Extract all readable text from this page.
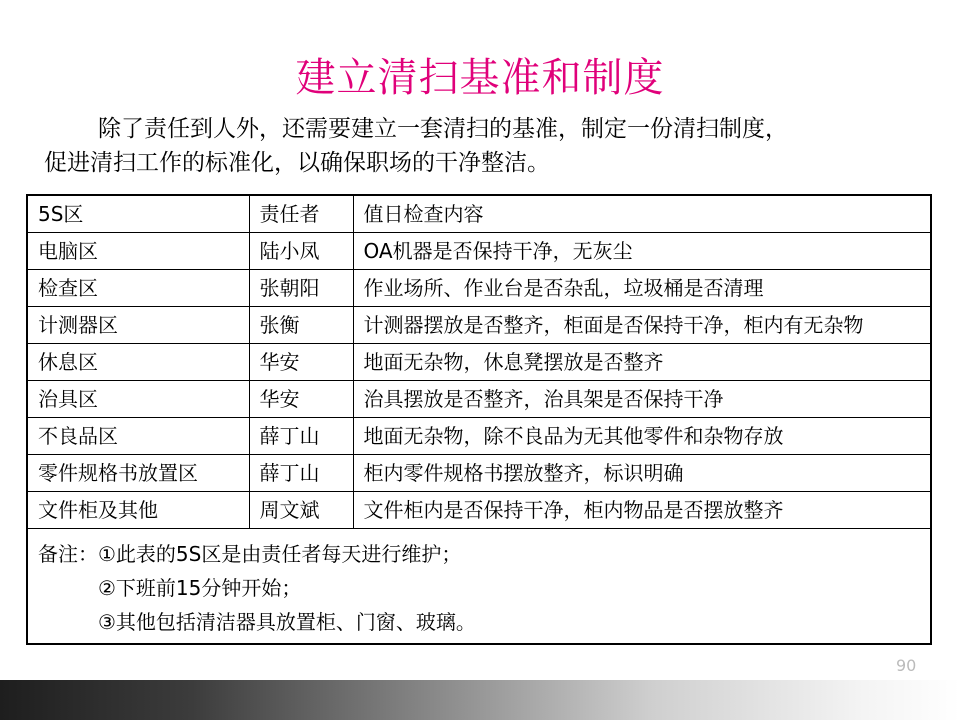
建立清扫基准和制度

除了责任到人外，还需要建立一套清扫的基准，制定一份清扫制度，

促进清扫工作的标准化，以确保职场的干净整洁。

5S区	责任者	值日检查内容
电脑区	陆小凤	OA机器是否保持干净，无灰尘
检查区	张朝阳	作业场所、作业台是否杂乱，垃圾桶是否清理
计测器区	张衡	计测器摆放是否整齐，柜面是否保持干净，柜内有无杂物
休息区	华安	地面无杂物，休息凳摆放是否整齐
治具区	华安	治具摆放是否整齐，治具架是否保持干净
不良品区	薛丁山	地面无杂物，除不良品为无其他零件和杂物存放
零件规格书放置区	薛丁山	柜内零件规格书摆放整齐，标识明确
文件柜及其他	周文斌	文件柜内是否保持干净，柜内物品是否摆放整齐

备注：①此表的5S区是由责任者每天进行维护；
②下班前15分钟开始；
③其他包括清洁器具放置柜、门窗、玻璃。		
90
